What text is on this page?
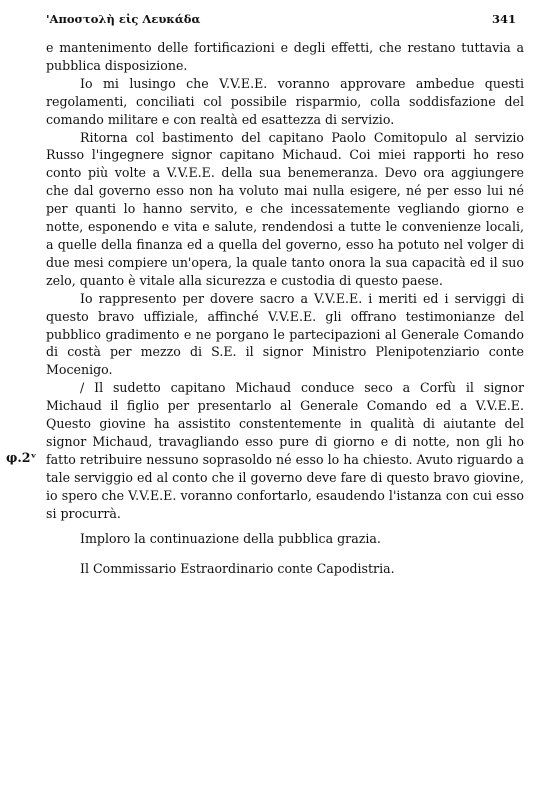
'Αποστολὴ εἰς Λευκάδα	341
φ.2ᵛ

e mantenimento delle fortificazioni e degli effetti, che restano tuttavia a pubblica disposizione.

Io mi lusingo che V.V.E.E. voranno approvare ambedue questi regolamenti, conciliati col possibile risparmio, colla soddisfazione del comando militare e con realtà ed esattezza di servizio.

Ritorna col bastimento del capitano Paolo Comitopulo al servizio Russo l'ingegnere signor capitano Michaud. Coi miei rapporti ho reso conto più volte a V.V.E.E. della sua benemeranza. Devo ora aggiungere che dal governo esso non ha voluto mai nulla esigere, né per esso lui né per quanti lo hanno servito, e che incessatemente vegliando giorno e notte, esponendo e vita e salute, rendendosi a tutte le convenienze locali, a quelle della finanza ed a quella del governo, esso ha potuto nel volger di due mesi compiere un'opera, la quale tanto onora la sua capacità ed il suo zelo, quanto è vitale alla sicurezza e custodia di questo paese.

Io rappresento per dovere sacro a V.V.E.E. i meriti ed i serviggi di questo bravo uffiziale, affinché V.V.E.E. gli offrano testimonianze del pubblico gradimento e ne porgano le partecipazioni al Generale Comando di costà per mezzo di S.E. il signor Ministro Plenipotenziario conte Mocenigo.

/ Il sudetto capitano Michaud conduce seco a Corfù il signor Michaud il figlio per presentarlo al Generale Comando ed a V.V.E.E. Questo giovine ha assistito constentemente in qualità di aiutante del signor Michaud, travagliando esso pure di giorno e di notte, non gli ho fatto retribuire nessuno soprasoldo né esso lo ha chiesto. Avuto riguardo a tale serviggio ed al conto che il governo deve fare di questo bravo giovine, io spero che V.V.E.E. voranno confortarlo, esaudendo l'istanza con cui esso si procurrà.

Imploro la continuazione della pubblica grazia.

Il Commissario Estraordinario conte Capodistria.
